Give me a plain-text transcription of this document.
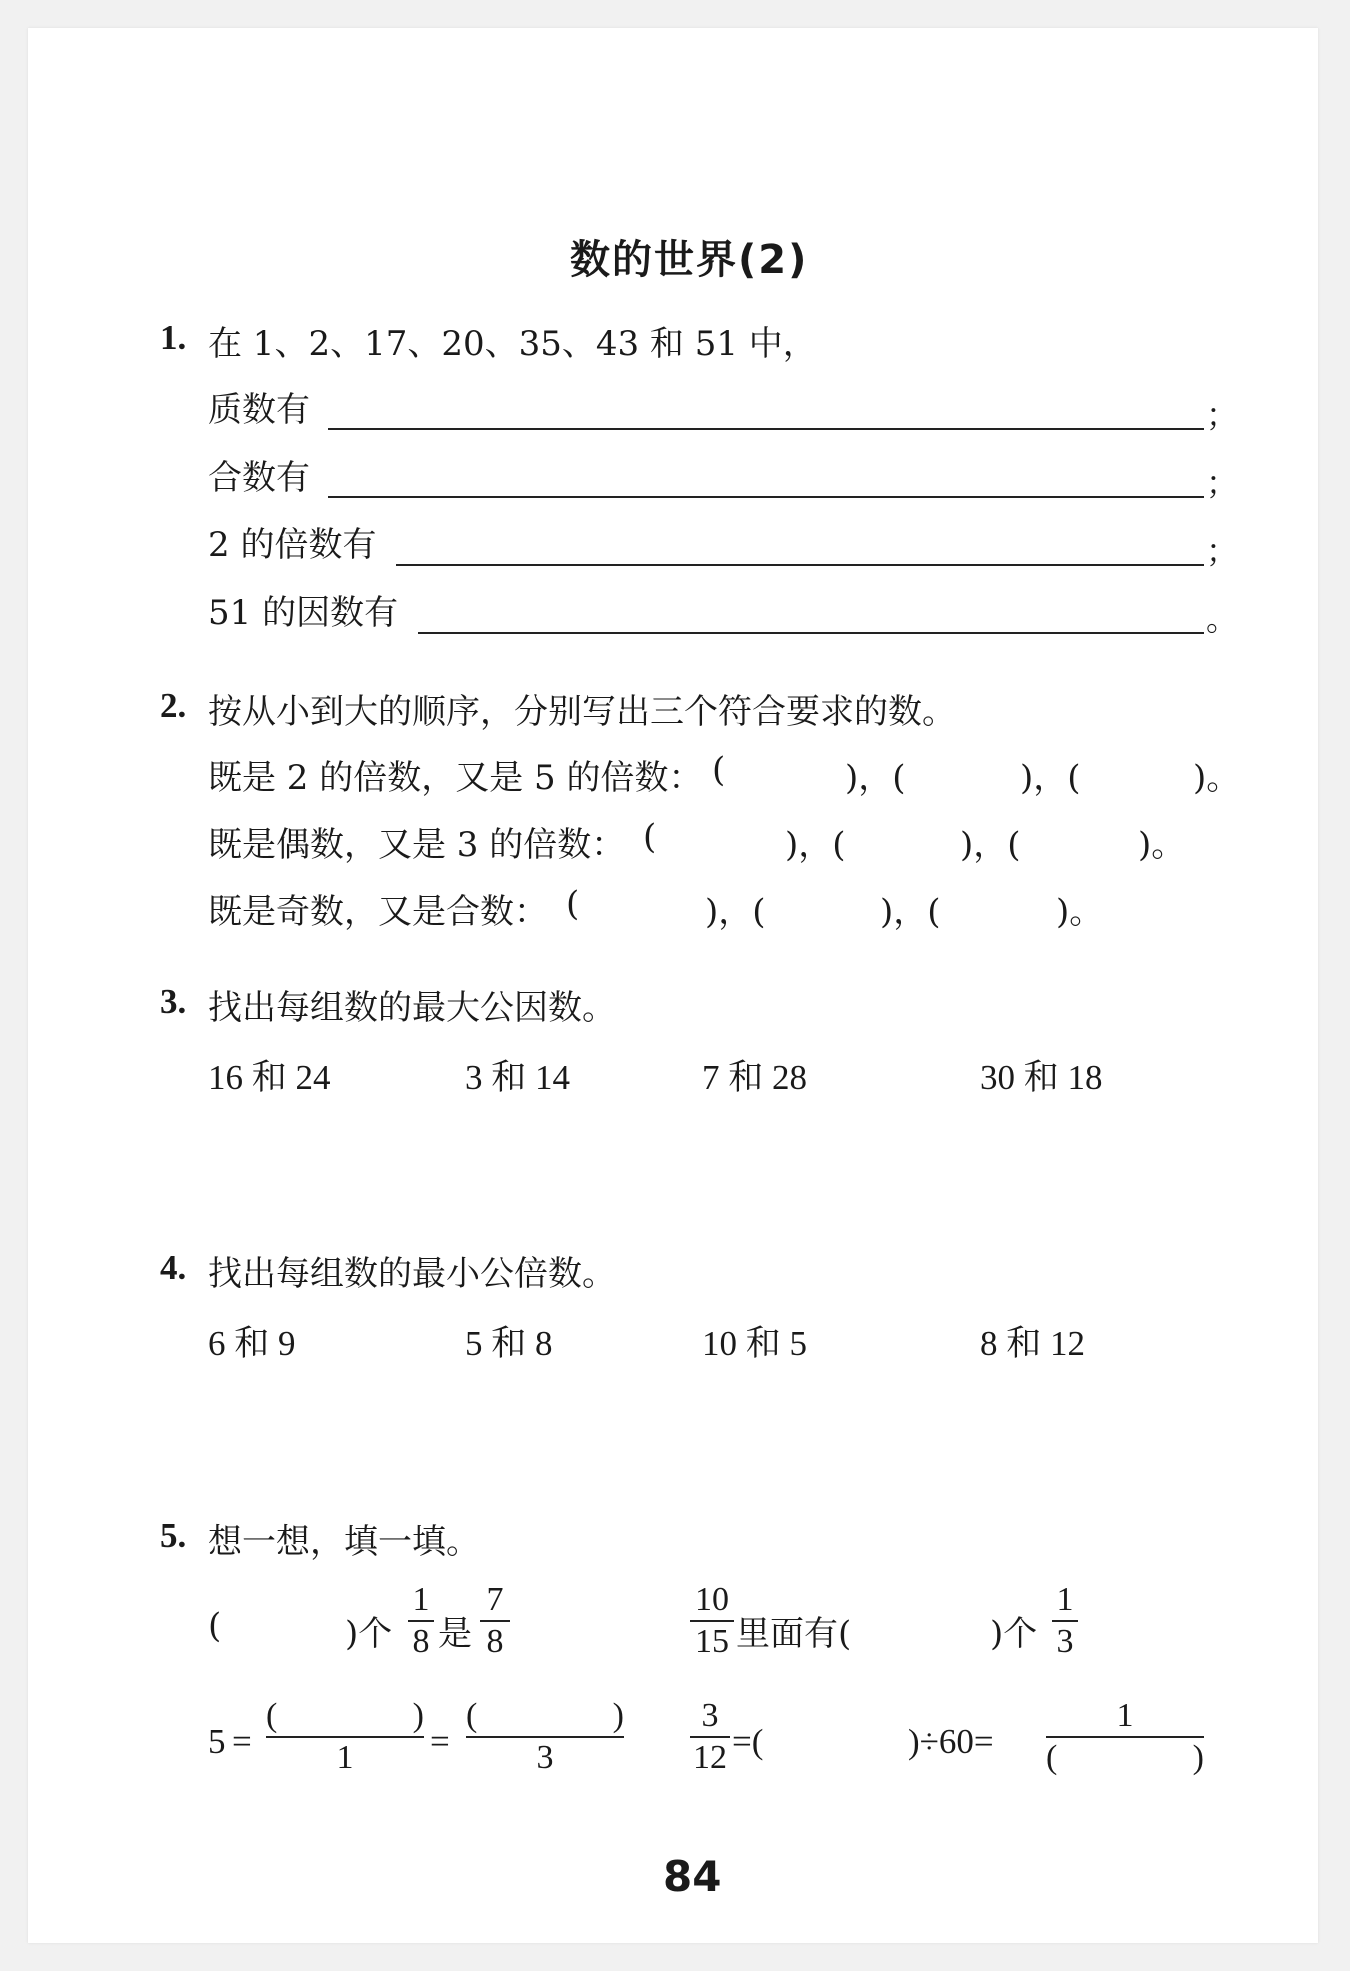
数的世界(2)
1. 在 1、2、17、20、35、43 和 51 中，
质数有	；
合数有	；
2 的倍数有	；
51 的因数有	。
2. 按从小到大的顺序，分别写出三个符合要求的数。
既是 2 的倍数，又是 5 的倍数： (	)，(	)，(	)。
既是偶数，又是 3 的倍数： (	)，(	)，(	)。
既是奇数，又是合数： (	)，(	)，(	)。
3. 找出每组数的最大公因数。
16 和 24	3 和 14	7 和 28	30 和 18
4. 找出每组数的最小公倍数。
6 和 9	5 和 8	10 和 5	8 和 12
5. 想一想，填一填。
(	)个
1
8 是
7
8
10
15 里面有(	)个
1
3
5 =
(	)
1 =
(	)
3
3
12 =(	)÷60=
1
(	)
84
